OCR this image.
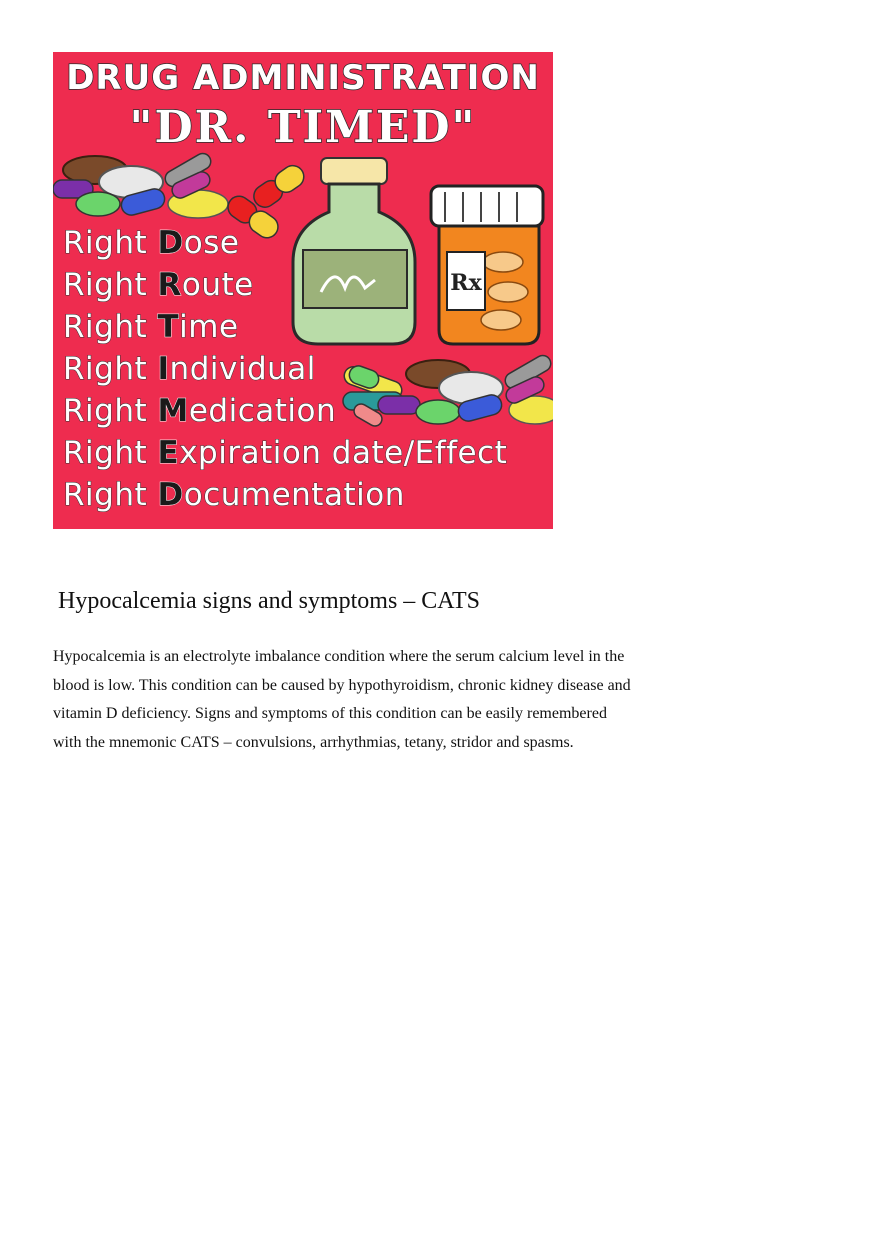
Rx
DRUG ADMINISTRATION
"DR. TIMED"
Right Dose
Right Route
Right Time
Right Individual
Right Medication
Right Expiration date/Effect
Right Documentation
Hypocalcemia signs and symptoms – CATS

Hypocalcemia is an electrolyte imbalance condition where the serum calcium level in the
blood is low. This condition can be caused by hypothyroidism, chronic kidney disease and
vitamin D deficiency. Signs and symptoms of this condition can be easily remembered
with the mnemonic CATS – convulsions, arrhythmias, tetany, stridor and spasms.
